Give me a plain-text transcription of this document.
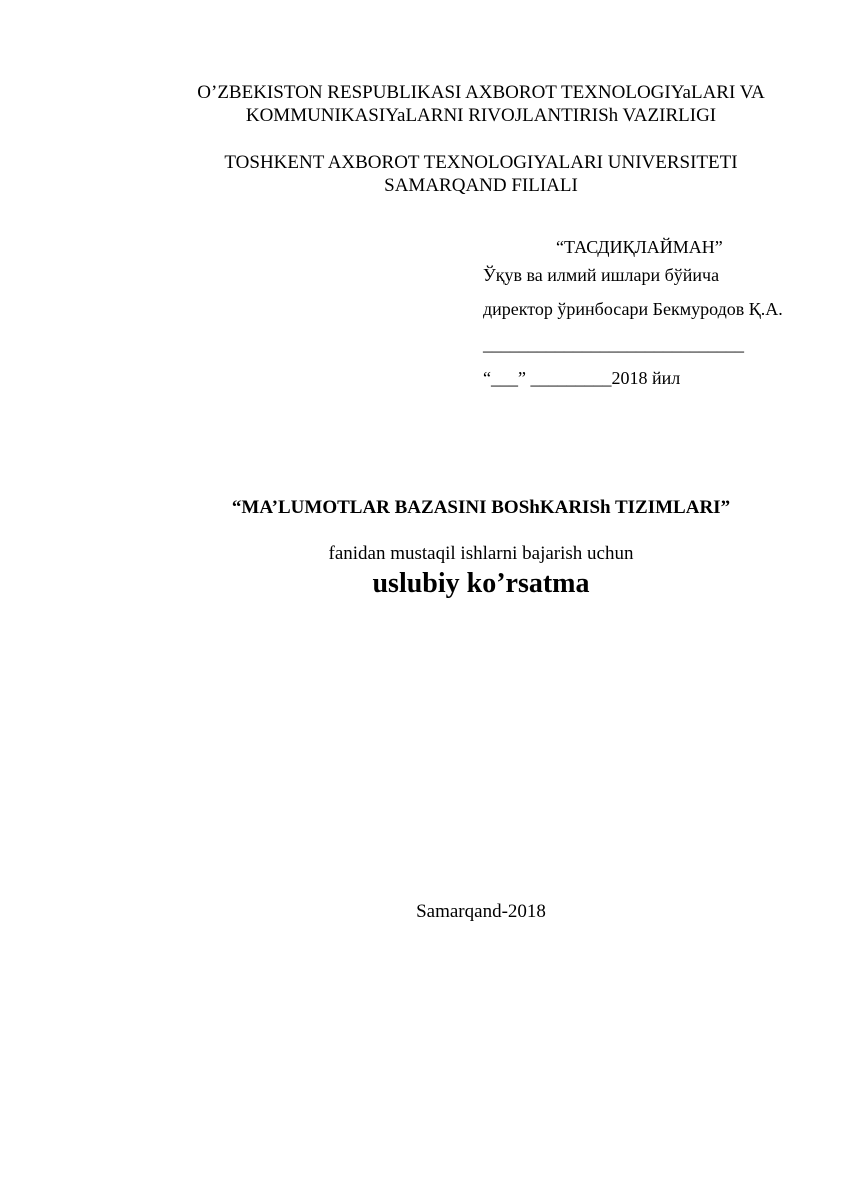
O’ZBEKISTON RESPUBLIKASI AXBOROT TEXNOLOGIYaLARI VA
KOMMUNIKASIYaLARNI RIVOJLANTIRISh VAZIRLIGI
TOSHKENT AXBOROT TEXNOLOGIYALARI UNIVERSITETI
SAMARQAND FILIALI
“ТАСДИҚЛАЙМАН”
Ўқув ва илмий ишлари бўйича
директор ўринбосари Бекмуродов Қ.А.
_____________________________
“___” _________2018 йил
“MA’LUMOTLAR BAZASINI BOShKARISh TIZIMLARI”
fanidan mustaqil ishlarni bajarish uchun
uslubiy ko’rsatma
Samarqand-2018
